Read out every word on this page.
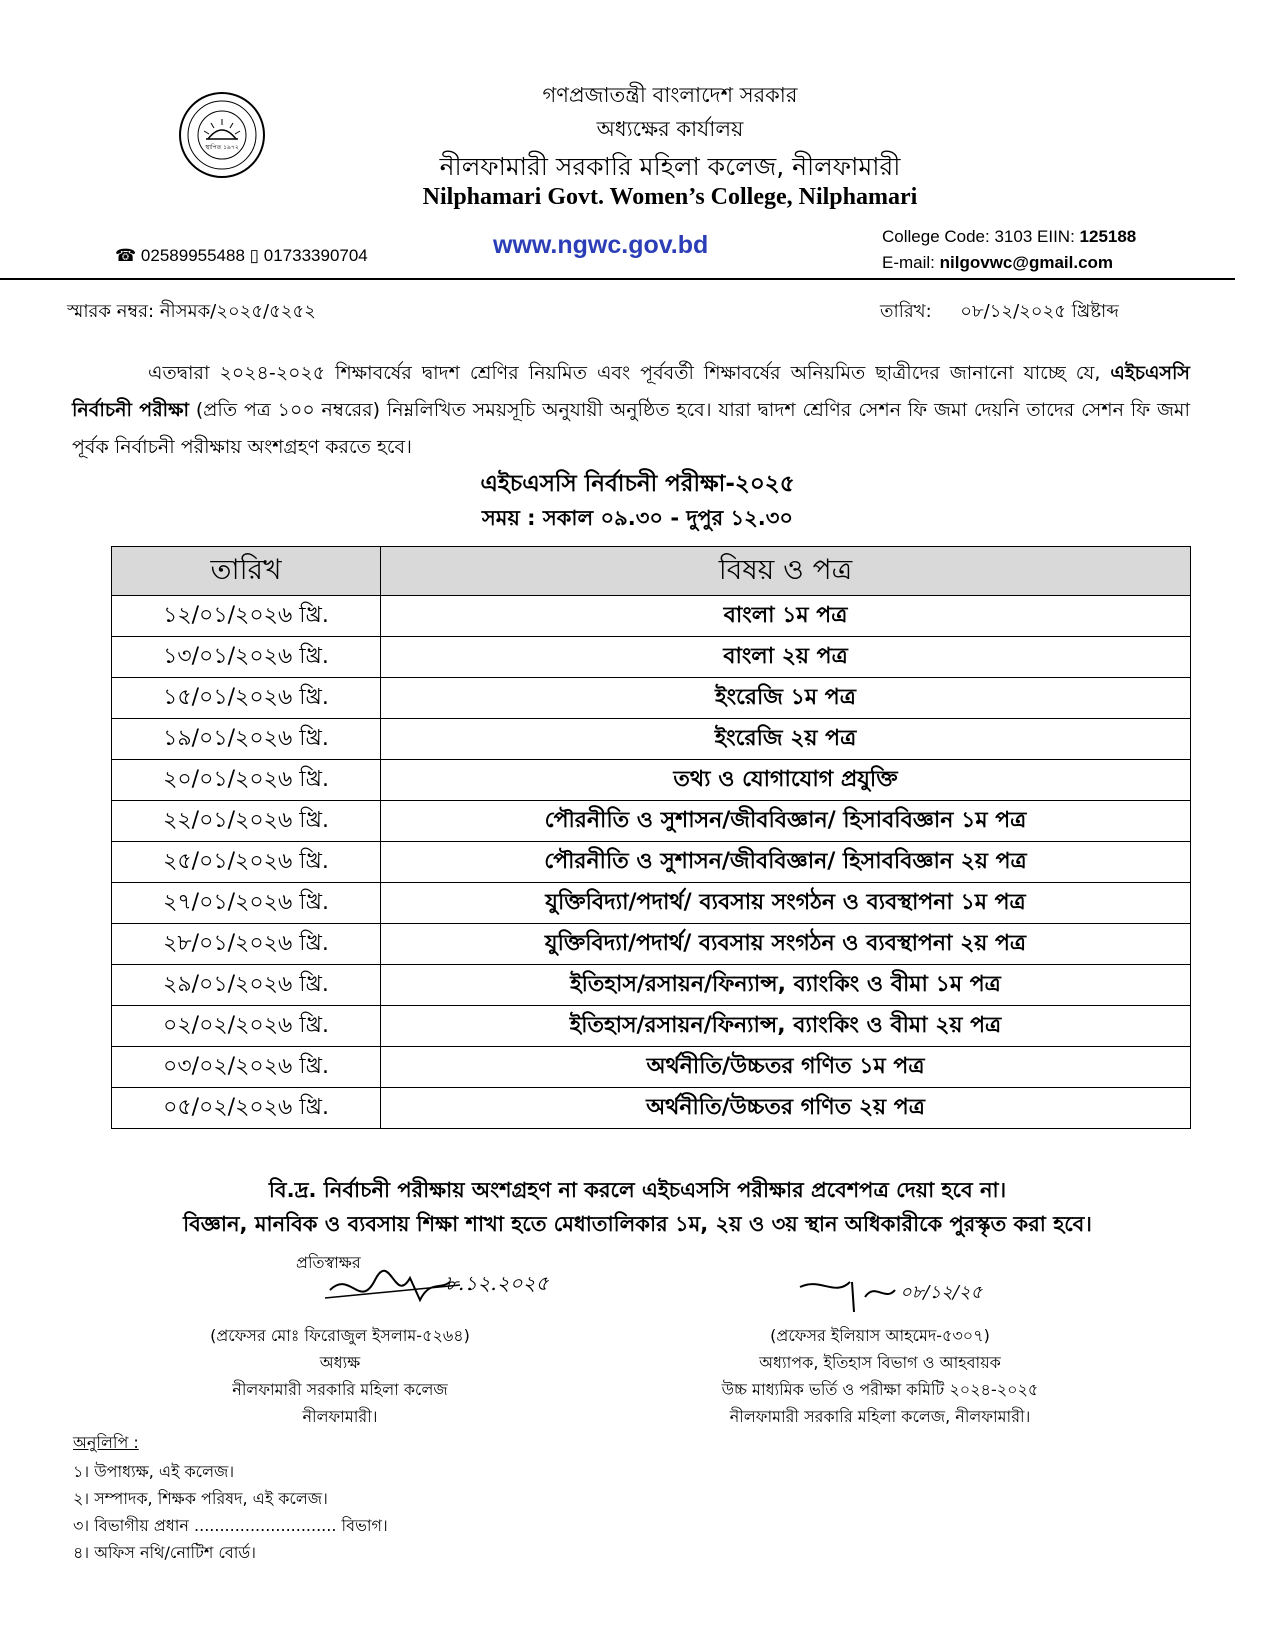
স্থাপিত ১৯৭২
গণপ্রজাতন্ত্রী বাংলাদেশ সরকার
অধ্যক্ষের কার্যালয়
নীলফামারী সরকারি মহিলা কলেজ, নীলফামারী
Nilphamari Govt. Women’s College, Nilphamari
☎ 02589955488 ▯ 01733390704	www.ngwc.gov.bd	College Code: 3103 EIIN: 125188
E-mail: nilgovwc@gmail.com
স্মারক নম্বর: নীসমক/২০২৫/৫২৫২	তারিখ: ০৮/১২/২০২৫ খ্রিষ্টাব্দ
এতদ্বারা ২০২৪-২০২৫ শিক্ষাবর্ষের দ্বাদশ শ্রেণির নিয়মিত এবং পূর্ববর্তী শিক্ষাবর্ষের অনিয়মিত ছাত্রীদের জানানো যাচ্ছে যে, এইচএসসি নির্বাচনী পরীক্ষা (প্রতি পত্র ১০০ নম্বরের) নিম্নলিখিত সময়সূচি অনুযায়ী অনুষ্ঠিত হবে। যারা দ্বাদশ শ্রেণির সেশন ফি জমা দেয়নি তাদের সেশন ফি জমা পূর্বক নির্বাচনী পরীক্ষায় অংশগ্রহণ করতে হবে।
এইচএসসি নির্বাচনী পরীক্ষা-২০২৫
সময় : সকাল ০৯.৩০ - দুপুর ১২.৩০
তারিখ	বিষয় ও পত্র
১২/০১/২০২৬ খ্রি.	বাংলা ১ম পত্র
১৩/০১/২০২৬ খ্রি.	বাংলা ২য় পত্র
১৫/০১/২০২৬ খ্রি.	ইংরেজি ১ম পত্র
১৯/০১/২০২৬ খ্রি.	ইংরেজি ২য় পত্র
২০/০১/২০২৬ খ্রি.	তথ্য ও যোগাযোগ প্রযুক্তি
২২/০১/২০২৬ খ্রি.	পৌরনীতি ও সুশাসন/জীববিজ্ঞান/ হিসাববিজ্ঞান ১ম পত্র
২৫/০১/২০২৬ খ্রি.	পৌরনীতি ও সুশাসন/জীববিজ্ঞান/ হিসাববিজ্ঞান ২য় পত্র
২৭/০১/২০২৬ খ্রি.	যুক্তিবিদ্যা/পদার্থ/ ব্যবসায় সংগঠন ও ব্যবস্থাপনা ১ম পত্র
২৮/০১/২০২৬ খ্রি.	যুক্তিবিদ্যা/পদার্থ/ ব্যবসায় সংগঠন ও ব্যবস্থাপনা ২য় পত্র
২৯/০১/২০২৬ খ্রি.	ইতিহাস/রসায়ন/ফিন্যান্স, ব্যাংকিং ও বীমা ১ম পত্র
০২/০২/২০২৬ খ্রি.	ইতিহাস/রসায়ন/ফিন্যান্স, ব্যাংকিং ও বীমা ২য় পত্র
০৩/০২/২০২৬ খ্রি.	অর্থনীতি/উচ্চতর গণিত ১ম পত্র
০৫/০২/২০২৬ খ্রি.	অর্থনীতি/উচ্চতর গণিত ২য় পত্র
বি.দ্র. নির্বাচনী পরীক্ষায় অংশগ্রহণ না করলে এইচএসসি পরীক্ষার প্রবেশপত্র দেয়া হবে না।
বিজ্ঞান, মানবিক ও ব্যবসায় শিক্ষা শাখা হতে মেধাতালিকার ১ম, ২য় ও ৩য় স্থান অধিকারীকে পুরস্কৃত করা হবে।
প্রতিস্বাক্ষর
৮.১২.২০২৫	০৮/১২/২৫
(প্রফেসর মোঃ ফিরোজুল ইসলাম-৫২৬৪)
অধ্যক্ষ
নীলফামারী সরকারি মহিলা কলেজ
নীলফামারী।
(প্রফেসর ইলিয়াস আহমেদ-৫৩০৭)
অধ্যাপক, ইতিহাস বিভাগ ও আহবায়ক
উচ্চ মাধ্যমিক ভর্তি ও পরীক্ষা কমিটি ২০২৪-২০২৫
নীলফামারী সরকারি মহিলা কলেজ, নীলফামারী।
অনুলিপি :
১। উপাধ্যক্ষ, এই কলেজ।
২। সম্পাদক, শিক্ষক পরিষদ, এই কলেজ।
৩। বিভাগীয় প্রধান ............................ বিভাগ।
৪। অফিস নথি/নোটিশ বোর্ড।
